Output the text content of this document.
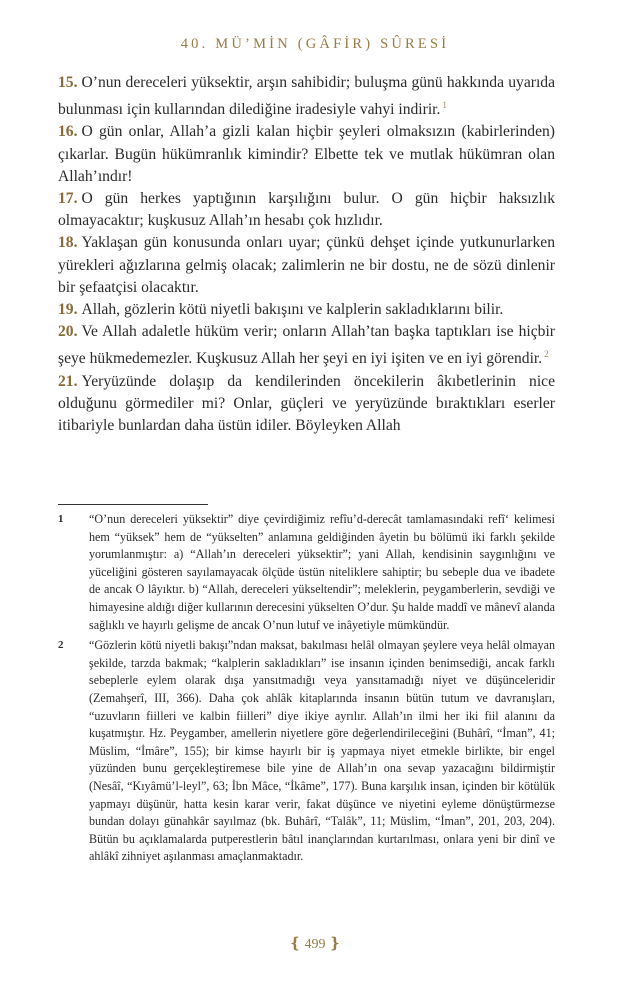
40. MÜ’MİN (GÂFİR) SÛRESİ

15. O’nun dereceleri yüksektir, arşın sahibidir; buluşma günü hakkında uyarıda bulunması için kullarından dilediğine iradesiyle vahyi indirir. $^1$

16. O gün onlar, Allah’a gizli kalan hiçbir şeyleri olmaksızın (kabirlerinden) çıkarlar. Bugün hükümranlık kimindir? Elbette tek ve mutlak hükümran olan Allah’ındır!

17. O gün herkes yaptığının karşılığını bulur. O gün hiçbir haksızlık olmayacaktır; kuşkusuz Allah’ın hesabı çok hızlıdır.

18. Yaklaşan gün konusunda onları uyar; çünkü dehşet içinde yutkunurlarken yürekleri ağızlarına gelmiş olacak; zalimlerin ne bir dostu, ne de sözü dinlenir bir şefaatçisi olacaktır.

19. Allah, gözlerin kötü niyetli bakışını ve kalplerin sakladıklarını bilir.

20. Ve Allah adaletle hüküm verir; onların Allah’tan başka taptıkları ise hiçbir şeye hükmedemezler. Kuşkusuz Allah her şeyi en iyi işiten ve en iyi görendir. $^2$

21. Yeryüzünde dolaşıp da kendilerinden öncekilerin âkıbetlerinin nice olduğunu görmediler mi? Onlar, güçleri ve yeryüzünde bıraktıkları eserler itibariyle bunlardan daha üstün idiler. Böyleyken Allah

1	“O’nun dereceleri yüksektir” diye çevirdiğimiz refîu’d-derecât tamlamasındaki refî‘ kelimesi hem “yüksek” hem de “yükselten” anlamına geldiğinden âyetin bu bölümü iki farklı şekilde yorumlanmıştır: a) “Allah’ın dereceleri yüksektir”; yani Allah, kendisinin saygınlığını ve yüceliğini gösteren sayılamayacak ölçüde üstün niteliklere sahiptir; bu sebeple dua ve ibadete de ancak O lâyıktır. b) “Allah, dereceleri yükseltendir”; meleklerin, peygamberlerin, sevdiği ve himayesine aldığı diğer kullarının derecesini yükselten O’dur. Şu halde maddî ve mânevî alanda sağlıklı ve hayırlı gelişme de ancak O’nun lutuf ve inâyetiyle mümkündür.
2	“Gözlerin kötü niyetli bakışı”ndan maksat, bakılması helâl olmayan şeylere veya helâl olmayan şekilde, tarzda bakmak; “kalplerin sakladıkları” ise insanın içinden benimsediği, ancak farklı sebeplerle eylem olarak dışa yansıtmadığı veya yansıtamadığı niyet ve düşünceleridir (Zemahşerî, III, 366). Daha çok ahlâk kitaplarında insanın bütün tutum ve davranışları, “uzuvların fiilleri ve kalbin fiilleri” diye ikiye ayrılır. Allah’ın ilmi her iki fiil alanını da kuşatmıştır. Hz. Peygamber, amellerin niyetlere göre değerlendirileceğini (Buhârî, “İman”, 41; Müslim, “İmâre”, 155); bir kimse hayırlı bir iş yapmaya niyet etmekle birlikte, bir engel yüzünden bunu gerçekleştiremese bile yine de Allah’ın ona sevap yazacağını bildirmiştir (Nesâî, “Kıyâmü’l-leyl”, 63; İbn Mâce, “İkâme”, 177). Buna karşılık insan, içinden bir kötülük yapmayı düşünür, hatta kesin karar verir, fakat düşünce ve niyetini eyleme dönüştürmezse bundan dolayı günahkâr sayılmaz (bk. Buhârî, “Talâk”, 11; Müslim, “İman”, 201, 203, 204). Bütün bu açıklamalarda putperestlerin bâtıl inançlarından kurtarılması, onlara yeni bir dinî ve ahlâkî zihniyet aşılanması amaçlanmaktadır.
❴ 499 ❵
